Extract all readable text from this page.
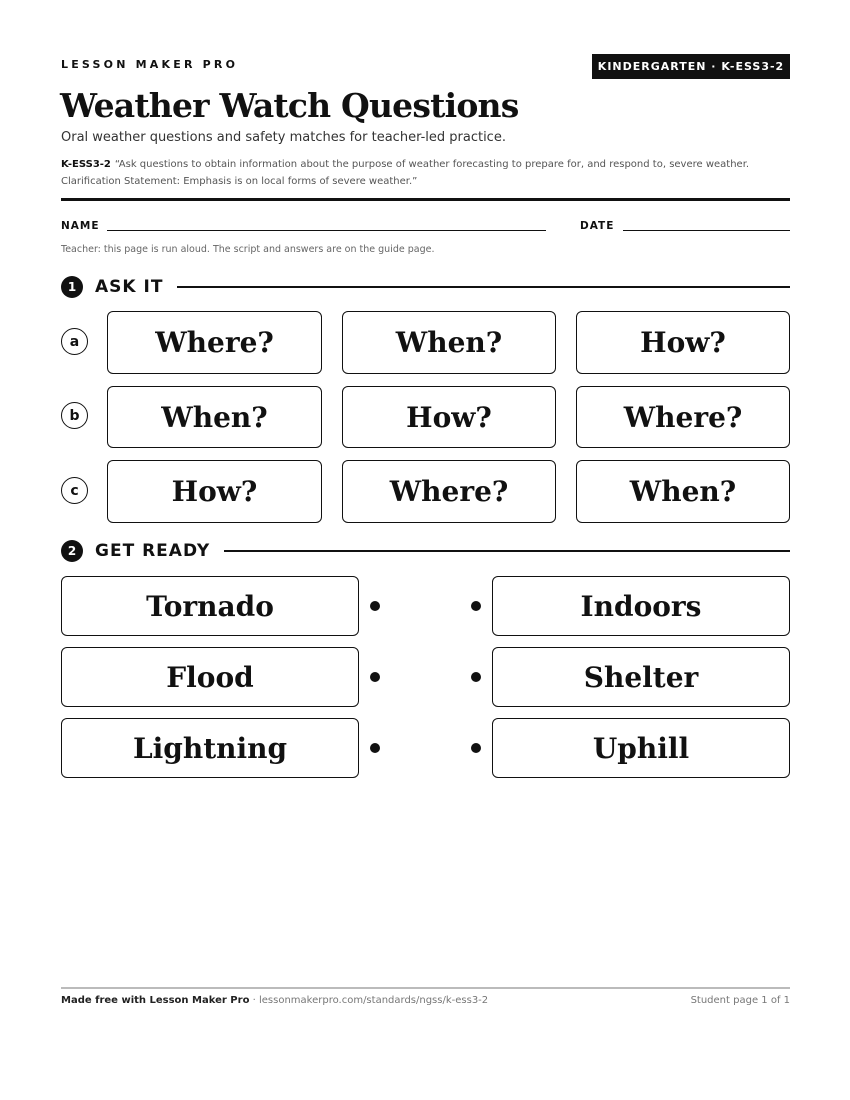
LESSON MAKER PRO	KINDERGARTEN · K-ESS3-2
Weather Watch Questions
Oral weather questions and safety matches for teacher-led practice.
K-ESS3-2 “Ask questions to obtain information about the purpose of weather forecasting to prepare for, and respond to, severe weather. Clarification Statement: Emphasis is on local forms of severe weather.”
NAME	DATE
Teacher: this page is run aloud. The script and answers are on the guide page.
1	ASK IT
a	Where?	When?	How?
b	When?	How?	Where?
c	How?	Where?	When?
2	GET READY
Tornado	Indoors
Flood	Shelter
Lightning	Uphill
Made free with Lesson Maker Pro · lessonmakerpro.com/standards/ngss/k-ess3-2	Student page 1 of 1
